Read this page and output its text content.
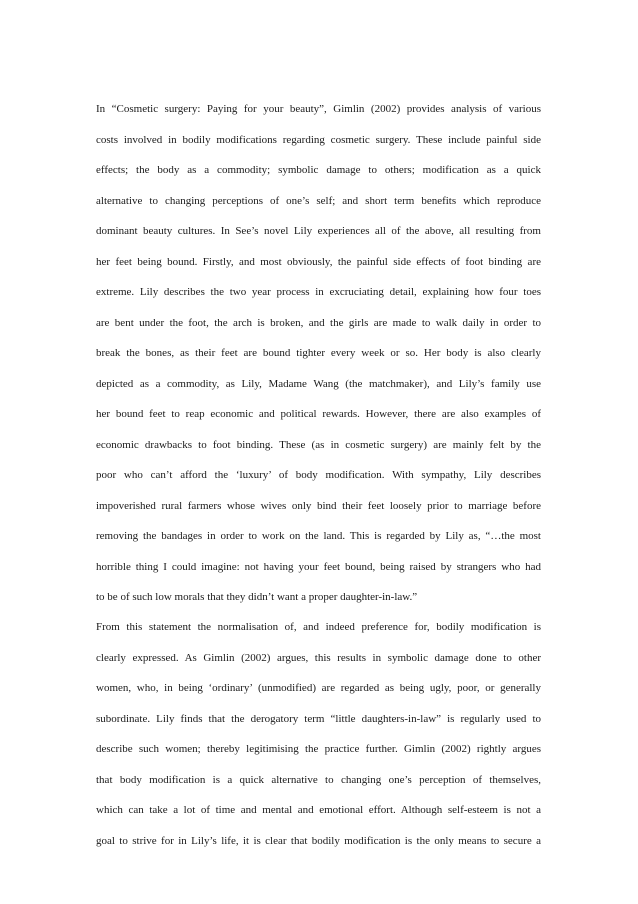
In “Cosmetic surgery: Paying for your beauty”, Gimlin (2002) provides analysis of various
costs involved in bodily modifications regarding cosmetic surgery. These include painful side
effects; the body as a commodity; symbolic damage to others; modification as a quick
alternative to changing perceptions of one’s self; and short term benefits which reproduce
dominant beauty cultures. In See’s novel Lily experiences all of the above, all resulting from
her feet being bound. Firstly, and most obviously, the painful side effects of foot binding are
extreme. Lily describes the two year process in excruciating detail, explaining how four toes
are bent under the foot, the arch is broken, and the girls are made to walk daily in order to
break the bones, as their feet are bound tighter every week or so. Her body is also clearly
depicted as a commodity, as Lily, Madame Wang (the matchmaker), and Lily’s family use
her bound feet to reap economic and political rewards. However, there are also examples of
economic drawbacks to foot binding. These (as in cosmetic surgery) are mainly felt by the
poor who can’t afford the ‘luxury’ of body modification. With sympathy, Lily describes
impoverished rural farmers whose wives only bind their feet loosely prior to marriage before
removing the bandages in order to work on the land. This is regarded by Lily as, “…the most
horrible thing I could imagine: not having your feet bound, being raised by strangers who had
to be of such low morals that they didn’t want a proper daughter-in-law.”
From this statement the normalisation of, and indeed preference for, bodily modification is
clearly expressed. As Gimlin (2002) argues, this results in symbolic damage done to other
women, who, in being ‘ordinary’ (unmodified) are regarded as being ugly, poor, or generally
subordinate. Lily finds that the derogatory term “little daughters-in-law” is regularly used to
describe such women; thereby legitimising the practice further. Gimlin (2002) rightly argues
that body modification is a quick alternative to changing one’s perception of themselves,
which can take a lot of time and mental and emotional effort. Although self-esteem is not a
goal to strive for in Lily’s life, it is clear that bodily modification is the only means to secure a
